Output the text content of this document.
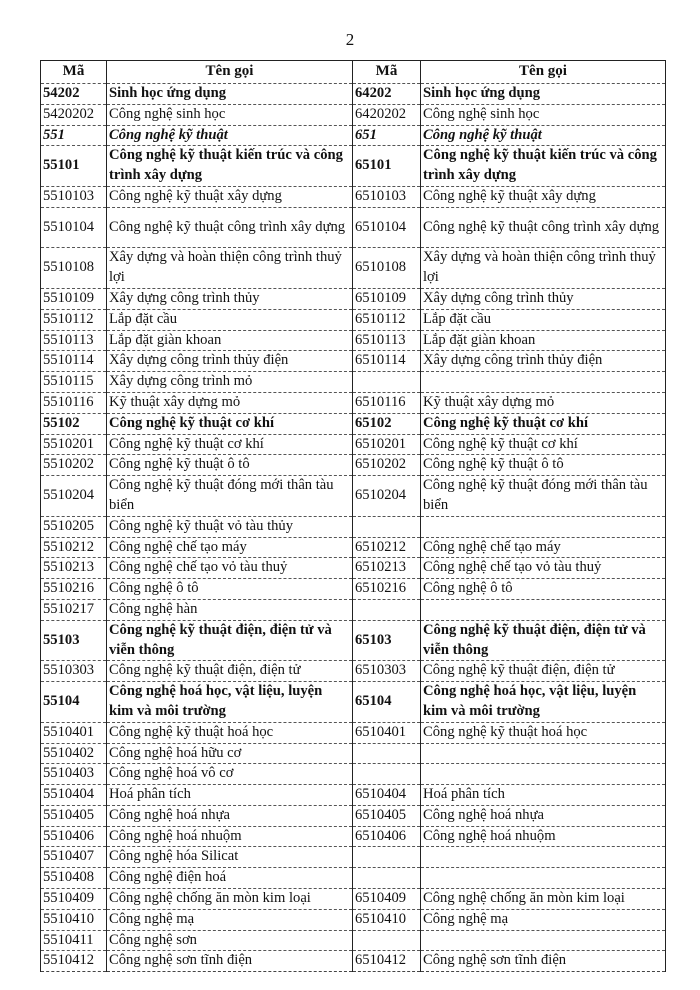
2
Mã	Tên gọi	Mã	Tên gọi
54202	Sinh học ứng dụng	64202	Sinh học ứng dụng
5420202	Công nghệ sinh học	6420202	Công nghệ sinh học
551	Công nghệ kỹ thuật	651	Công nghệ kỹ thuật
55101	Công nghệ kỹ thuật kiến trúc và công trình xây dựng	65101	Công nghệ kỹ thuật kiến trúc và công trình xây dựng
5510103	Công nghệ kỹ thuật xây dựng	6510103	Công nghệ kỹ thuật xây dựng
5510104	Công nghệ kỹ thuật công trình xây dựng	6510104	Công nghệ kỹ thuật công trình xây dựng
5510108	Xây dựng và hoàn thiện công trình thuỷ lợi	6510108	Xây dựng và hoàn thiện công trình thuỷ lợi
5510109	Xây dựng công trình thủy	6510109	Xây dựng công trình thủy
5510112	Lắp đặt cầu	6510112	Lắp đặt cầu
5510113	Lắp đặt giàn khoan	6510113	Lắp đặt giàn khoan
5510114	Xây dựng công trình thủy điện	6510114	Xây dựng công trình thủy điện
5510115	Xây dựng công trình mỏ		
5510116	Kỹ thuật xây dựng mỏ	6510116	Kỹ thuật xây dựng mỏ
55102	Công nghệ kỹ thuật cơ khí	65102	Công nghệ kỹ thuật cơ khí
5510201	Công nghệ kỹ thuật cơ khí	6510201	Công nghệ kỹ thuật cơ khí
5510202	Công nghệ kỹ thuật ô tô	6510202	Công nghệ kỹ thuật ô tô
5510204	Công nghệ kỹ thuật đóng mới thân tàu biển	6510204	Công nghệ kỹ thuật đóng mới thân tàu biển
5510205	Công nghệ kỹ thuật vỏ tàu thủy		
5510212	Công nghệ chế tạo máy	6510212	Công nghệ chế tạo máy
5510213	Công nghệ chế tạo vỏ tàu thuỷ	6510213	Công nghệ chế tạo vỏ tàu thuỷ
5510216	Công nghệ ô tô	6510216	Công nghệ ô tô
5510217	Công nghệ hàn		
55103	Công nghệ kỹ thuật điện, điện tử và viễn thông	65103	Công nghệ kỹ thuật điện, điện tử và viễn thông
5510303	Công nghệ kỹ thuật điện, điện tử	6510303	Công nghệ kỹ thuật điện, điện tử
55104	Công nghệ hoá học, vật liệu, luyện kim và môi trường	65104	Công nghệ hoá học, vật liệu, luyện kim và môi trường
5510401	Công nghệ kỹ thuật hoá học	6510401	Công nghệ kỹ thuật hoá học
5510402	Công nghệ hoá hữu cơ		
5510403	Công nghệ hoá vô cơ		
5510404	Hoá phân tích	6510404	Hoá phân tích
5510405	Công nghệ hoá nhựa	6510405	Công nghệ hoá nhựa
5510406	Công nghệ hoá nhuộm	6510406	Công nghệ hoá nhuộm
5510407	Công nghệ hóa Silicat		
5510408	Công nghệ điện hoá		
5510409	Công nghệ chống ăn mòn kim loại	6510409	Công nghệ chống ăn mòn kim loại
5510410	Công nghệ mạ	6510410	Công nghệ mạ
5510411	Công nghệ sơn		
5510412	Công nghệ sơn tĩnh điện	6510412	Công nghệ sơn tĩnh điện
